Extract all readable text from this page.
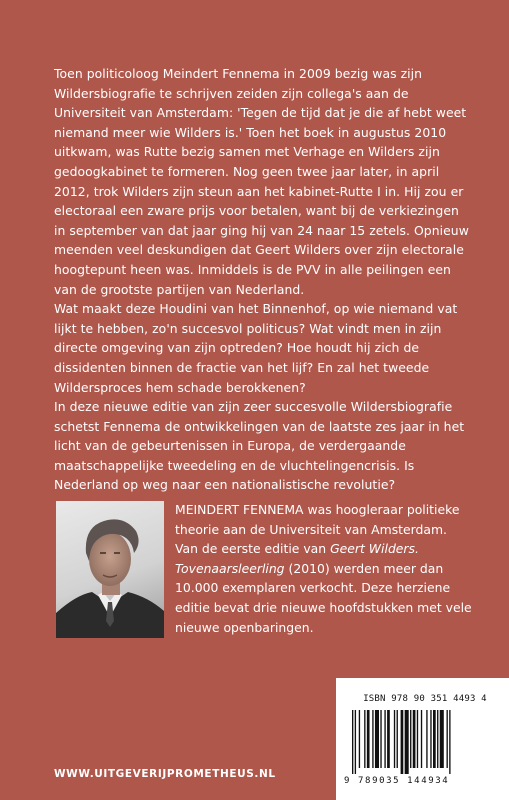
Toen politicoloog Meindert Fennema in 2009 bezig was zijn Wildersbiografie te schrijven zeiden zijn collega's aan de Universiteit van Amsterdam: 'Tegen de tijd dat je die af hebt weet niemand meer wie Wilders is.' Toen het boek in augustus 2010 uitkwam, was Rutte bezig samen met Verhage en Wilders zijn gedoogkabinet te formeren. Nog geen twee jaar later, in april 2012, trok Wilders zijn steun aan het kabinet-Rutte I in. Hij zou er electoraal een zware prijs voor betalen, want bij de verkiezingen in september van dat jaar ging hij van 24 naar 15 zetels. Opnieuw meenden veel deskundigen dat Geert Wilders over zijn electorale hoogtepunt heen was. Inmiddels is de PVV in alle peilingen een van de grootste partijen van Nederland.

Wat maakt deze Houdini van het Binnenhof, op wie niemand vat lijkt te hebben, zo'n succesvol politicus? Wat vindt men in zijn directe omgeving van zijn optreden? Hoe houdt hij zich de dissidenten binnen de fractie van het lijf? En zal het tweede Wildersproces hem schade berokkenen?

In deze nieuwe editie van zijn zeer succesvolle Wildersbiografie schetst Fennema de ontwikkelingen van de laatste zes jaar in het licht van de gebeurtenissen in Europa, de verdergaande maatschappelijke tweedeling en de vluchtelingencrisis. Is Nederland op weg naar een nationalistische revolutie?

MEINDERT FENNEMA was hoogleraar politieke theorie aan de Universiteit van Amsterdam.

Van de eerste editie van Geert Wilders. Tovenaarsleerling (2010) werden meer dan 10.000 exemplaren verkocht. Deze herziene editie bevat drie nieuwe hoofdstukken met vele nieuwe openbaringen.

WWW.UITGEVERIJPROMETHEUS.NL
ISBN 978 90 351 4493 4
9 789035 144934
